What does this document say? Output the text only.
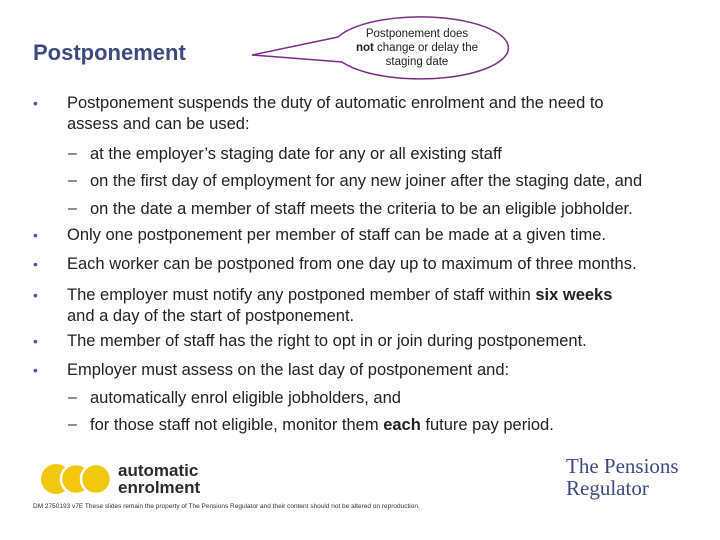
Postponement
Postponement does
not change or delay the
staging date
• Postponement suspends the duty of automatic enrolment and the need to
assess and can be used:
– at the employer’s staging date for any or all existing staff
– on the first day of employment for any new joiner after the staging date, and
– on the date a member of staff meets the criteria to be an eligible jobholder.
• Only one postponement per member of staff can be made at a given time.
• Each worker can be postponed from one day up to maximum of three months.
• The employer must notify any postponed member of staff within six weeks
and a day of the start of postponement.
• The member of staff has the right to opt in or join during postponement.
• Employer must assess on the last day of postponement and:
– automatically enrol eligible jobholders, and
– for those staff not eligible, monitor them each future pay period.
automatic
enrolment
The Pensions
Regulator
DM 2750193 v7E These slides remain the property of The Pensions Regulator and their content should not be altered on reproduction.
